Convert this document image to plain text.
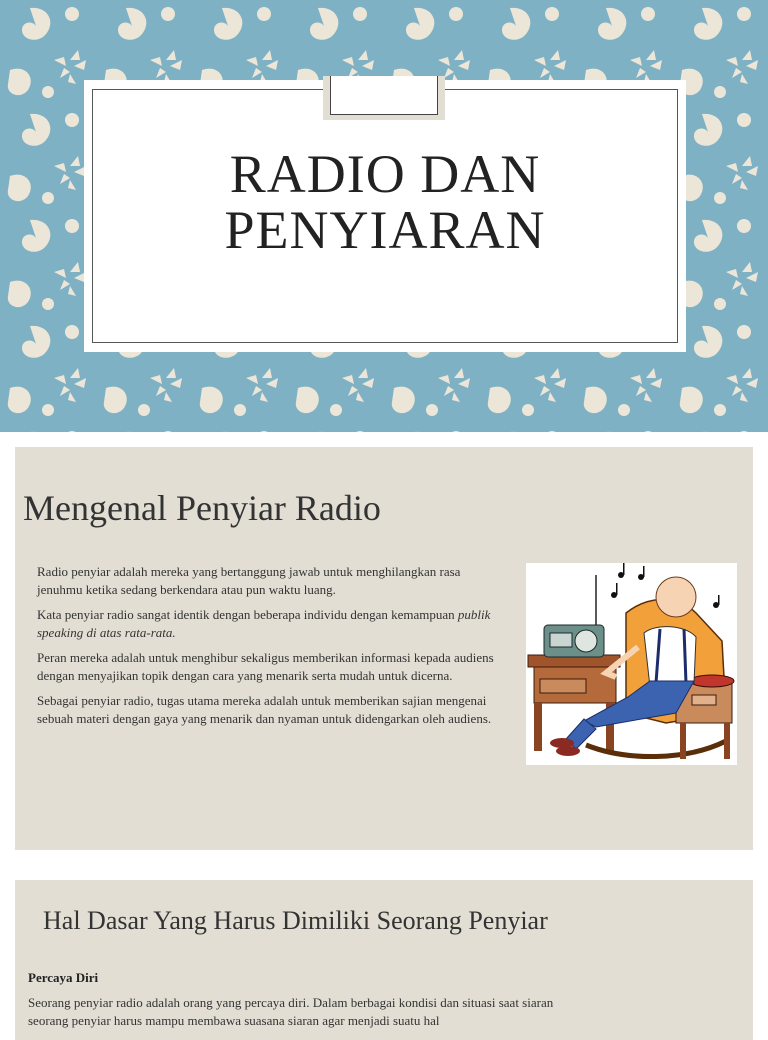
RADIO DAN
PENYIARAN
Mengenal Penyiar Radio

Radio penyiar adalah mereka yang bertanggung jawab untuk menghilangkan rasa jenuhmu ketika sedang berkendara atau pun waktu luang.

Kata penyiar radio sangat identik dengan beberapa individu dengan kemampuan publik speaking di atas rata-rata.

Peran mereka adalah untuk menghibur sekaligus memberikan informasi kepada audiens dengan menyajikan topik dengan cara yang menarik serta mudah untuk dicerna.

Sebagai penyiar radio, tugas utama mereka adalah untuk memberikan sajian mengenai sebuah materi dengan gaya yang menarik dan nyaman untuk didengarkan oleh audiens.

Hal Dasar Yang Harus Dimiliki Seorang Penyiar
Percaya Diri
Seorang penyiar radio adalah orang yang percaya diri. Dalam berbagai kondisi dan situasi saat siaran seorang penyiar harus mampu membawa suasana siaran agar menjadi suatu hal
